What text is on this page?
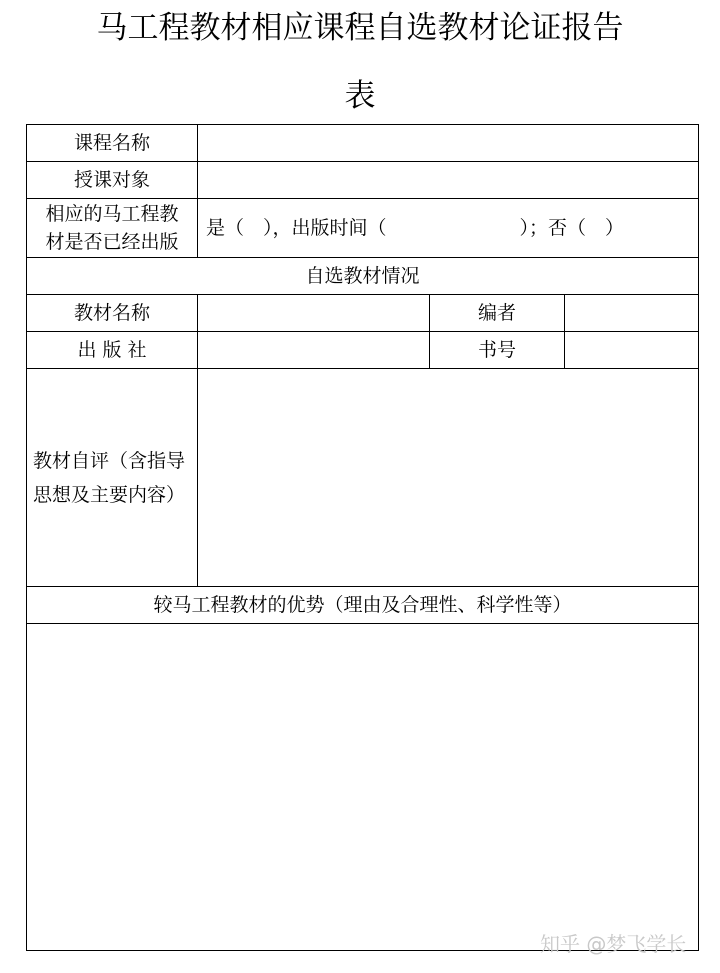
马工程教材相应课程自选教材论证报告
表
课程名称
授课对象
相应的马工程教
材是否已经出版
是（　），出版时间（　　　　　　　）；否（　）
自选教材情况
教材名称	编者
出 版 社	书号
教材自评（含指导
思想及主要内容）
较马工程教材的优势（理由及合理性、科学性等）
知乎 @梦飞学长
